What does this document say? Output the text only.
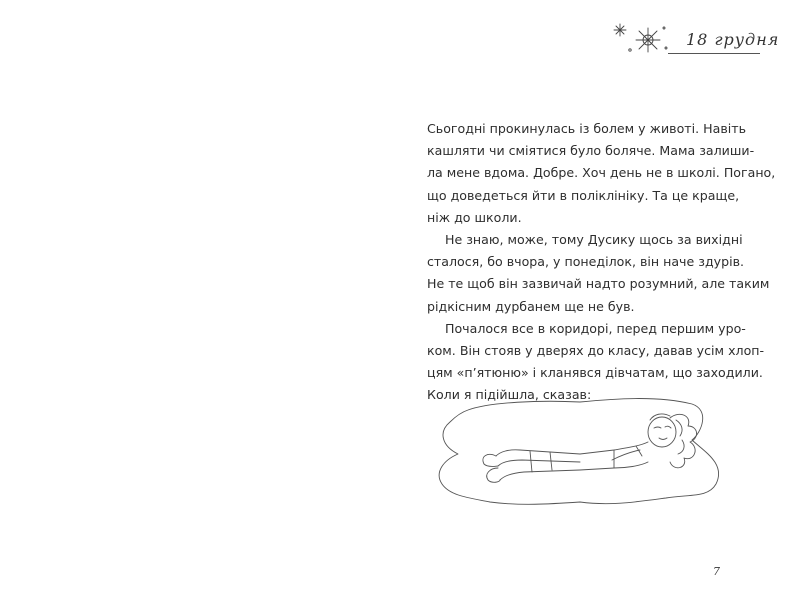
18 грудня
Сьогодні прокинулась із болем у животі. Навіть
кашляти чи сміятися було боляче. Мама залиши-
ла мене вдома. Добре. Хоч день не в школі. Погано,
що доведеться йти в поліклініку. Та це краще,
ніж до школи.
Не знаю, може, тому Дусику щось за вихідні
сталося, бо вчора, у понеділок, він наче здурів.
Не те щоб він зазвичай надто розумний, але таким
рідкісним дурбанем ще не був.
Почалося все в коридорі, перед першим уро-
ком. Він стояв у дверях до класу, давав усім хлоп-
цям «п’ятюню» і кланявся дівчатам, що заходили.
Коли я підійшла, сказав:
7
